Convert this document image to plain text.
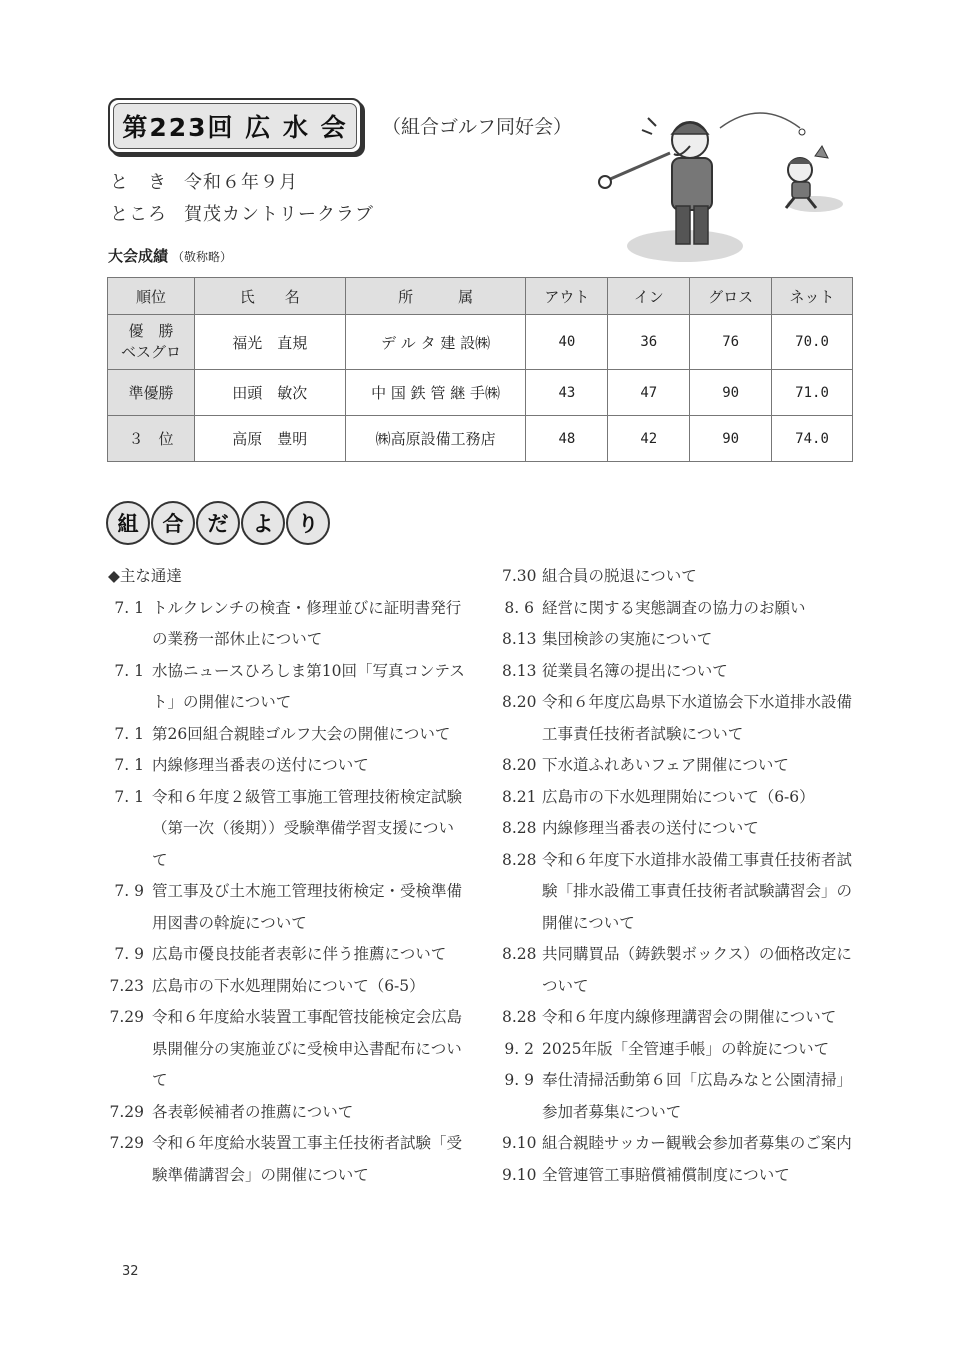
第223回 広 水 会	（組合ゴルフ同好会）
と　き 令和６年９月
ところ 賀茂カントリークラブ
大会成績 （敬称略）
順位	氏　　名	所　　　属	アウト	イン	グロス	ネット
優　勝
ベスグロ	福光　直規	デ ル タ 建 設㈱	40	36	76	70.0
準優勝	田頭　敏次	中 国 鉄 管 継 手㈱	43	47	90	71.0
３　位	高原　豊明	㈱高原設備工務店	48	42	90	74.0
組	合	だ	よ	り
◆主な通達
7. 1 トルクレンチの検査・修理並びに証明書発行の業務一部休止について
7. 1 水協ニュースひろしま第10回「写真コンテスト」の開催について
7. 1 第26回組合親睦ゴルフ大会の開催について
7. 1 内線修理当番表の送付について
7. 1 令和６年度２級管工事施工管理技術検定試験（第一次（後期））受験準備学習支援について
7. 9 管工事及び土木施工管理技術検定・受検準備用図書の斡旋について
7. 9 広島市優良技能者表彰に伴う推薦について
7.23 広島市の下水処理開始について（6-5）
7.29 令和６年度給水装置工事配管技能検定会広島県開催分の実施並びに受検申込書配布について
7.29 各表彰候補者の推薦について
7.29 令和６年度給水装置工事主任技術者試験「受験準備講習会」の開催について
7.30 組合員の脱退について
8. 6 経営に関する実態調査の協力のお願い
8.13 集団検診の実施について
8.13 従業員名簿の提出について
8.20 令和６年度広島県下水道協会下水道排水設備工事責任技術者試験について
8.20 下水道ふれあいフェア開催について
8.21 広島市の下水処理開始について（6-6）
8.28 内線修理当番表の送付について
8.28 令和６年度下水道排水設備工事責任技術者試験「排水設備工事責任技術者試験講習会」の開催について
8.28 共同購買品（鋳鉄製ボックス）の価格改定について
8.28 令和６年度内線修理講習会の開催について
9. 2 2025年版「全管連手帳」の斡旋について
9. 9 奉仕清掃活動第６回「広島みなと公園清掃」参加者募集について
9.10 組合親睦サッカー観戦会参加者募集のご案内
9.10 全管連管工事賠償補償制度について
32
